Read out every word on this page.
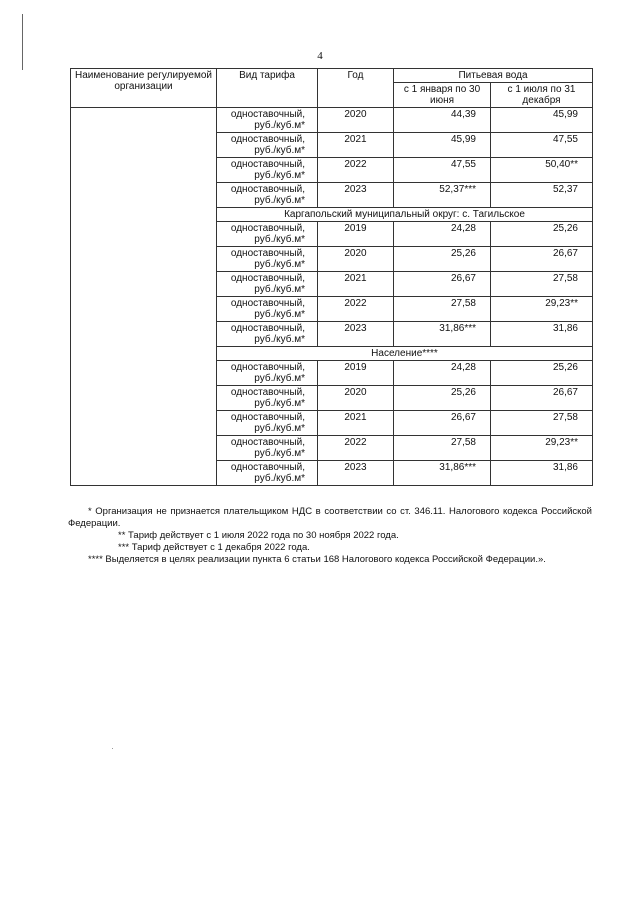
4
Наименование регулируемой организации	Вид тарифа	Год	Питьевая вода	
			с 1 января по 30 июня	с 1 июля по 31 декабря
	одноставочный, руб./куб.м*	2020	44,39	45,99
	одноставочный, руб./куб.м*	2021	45,99	47,55
	одноставочный, руб./куб.м*	2022	47,55	50,40**
	одноставочный, руб./куб.м*	2023	52,37***	52,37
	Каргапольский муниципальный округ: с. Тагильское			
	одноставочный, руб./куб.м*	2019	24,28	25,26
	одноставочный, руб./куб.м*	2020	25,26	26,67
	одноставочный, руб./куб.м*	2021	26,67	27,58
	одноставочный, руб./куб.м*	2022	27,58	29,23**
	одноставочный, руб./куб.м*	2023	31,86***	31,86
	Население****			
	одноставочный, руб./куб.м*	2019	24,28	25,26
	одноставочный, руб./куб.м*	2020	25,26	26,67
	одноставочный, руб./куб.м*	2021	26,67	27,58
	одноставочный, руб./куб.м*	2022	27,58	29,23**
	одноставочный, руб./куб.м*	2023	31,86***	31,86

* Организация не признается плательщиком НДС в соответствии со ст. 346.11. Налогового кодекса Российской Федерации.

** Тариф действует с 1 июля 2022 года по 30 ноября 2022 года.

*** Тариф действует с 1 декабря 2022 года.

**** Выделяется в целях реализации пункта 6 статьи 168 Налогового кодекса Российской Федерации.».
